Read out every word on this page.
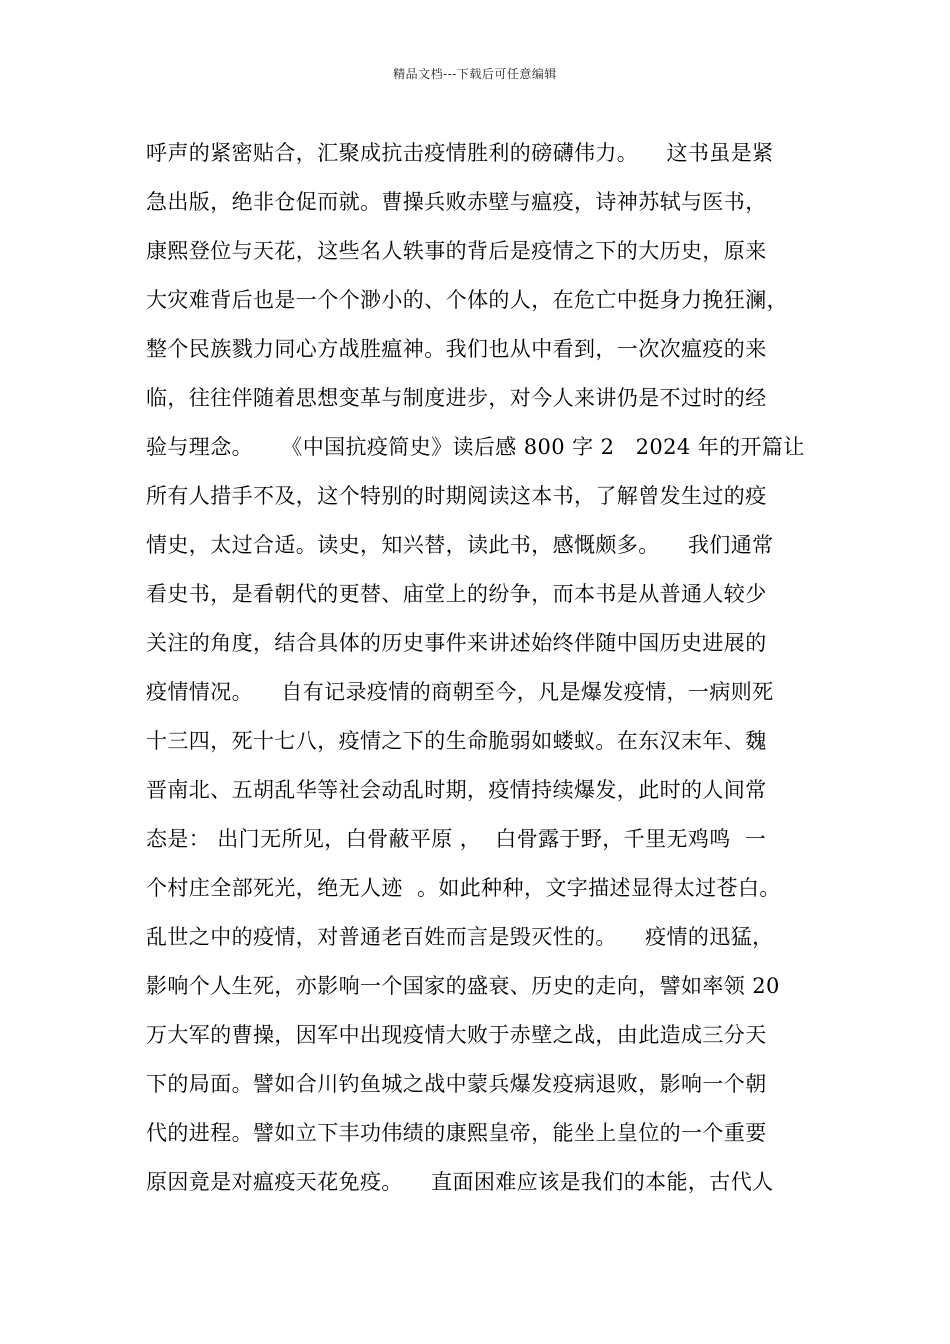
精品文档---下载后可任意编辑
呼声的紧密贴合，汇聚成抗击疫情胜利的磅礴伟力。    这书虽是紧
急出版，绝非仓促而就。曹操兵败赤壁与瘟疫，诗神苏轼与医书，
康熙登位与天花，这些名人轶事的背后是疫情之下的大历史，原来
大灾难背后也是一个个渺小的、个体的人，在危亡中挺身力挽狂澜，
整个民族戮力同心方战胜瘟神。我们也从中看到，一次次瘟疫的来
临，往往伴随着思想变革与制度进步，对今人来讲仍是不过时的经
验与理念。    《中国抗疫简史》读后感 800 字 2   2024 年的开篇让
所有人措手不及，这个特别的时期阅读这本书，了解曾发生过的疫
情史，太过合适。读史，知兴替，读此书，感慨颇多。    我们通常
看史书，是看朝代的更替、庙堂上的纷争，而本书是从普通人较少
关注的角度，结合具体的历史事件来讲述始终伴随中国历史进展的
疫情情况。    自有记录疫情的商朝至今，凡是爆发疫情，一病则死
十三四，死十七八，疫情之下的生命脆弱如蝼蚁。在东汉末年、魏
晋南北、五胡乱华等社会动乱时期，疫情持续爆发，此时的人间常
态是： 出门无所见，白骨蔽平原 ，  白骨露于野，千里无鸡鸣  一
个村庄全部死光，绝无人迹  。如此种种，文字描述显得太过苍白。
乱世之中的疫情，对普通老百姓而言是毁灭性的。    疫情的迅猛，
影响个人生死，亦影响一个国家的盛衰、历史的走向，譬如率领 20
万大军的曹操，因军中出现疫情大败于赤壁之战，由此造成三分天
下的局面。譬如合川钓鱼城之战中蒙兵爆发疫病退败，影响一个朝
代的进程。譬如立下丰功伟绩的康熙皇帝，能坐上皇位的一个重要
原因竟是对瘟疫天花免疫。    直面困难应该是我们的本能，古代人
